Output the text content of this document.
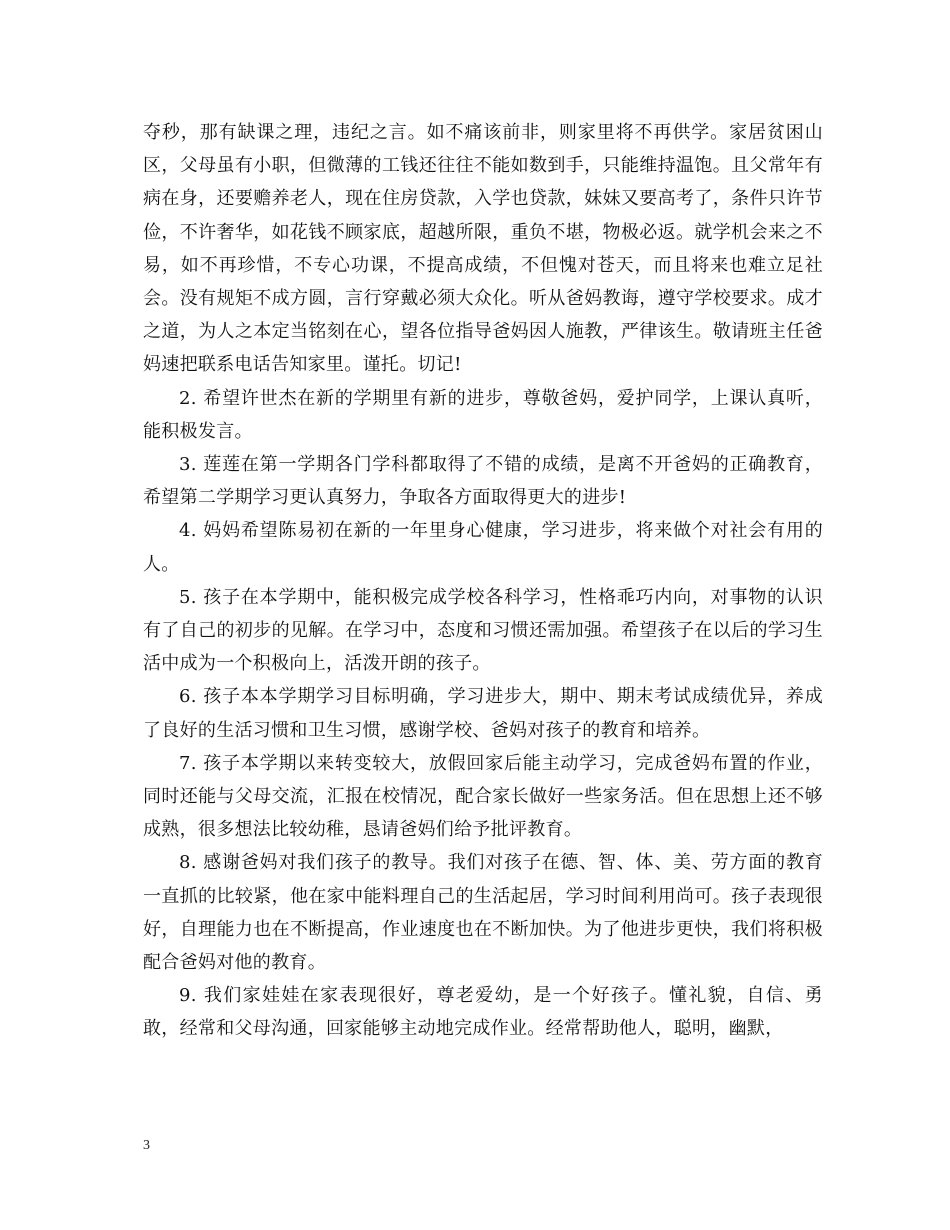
夺秒，那有缺课之理，违纪之言。如不痛该前非，则家里将不再供学。家居贫困山区，父母虽有小职，但微薄的工钱还往往不能如数到手，只能维持温饱。且父常年有病在身，还要赡养老人，现在住房贷款，入学也贷款，妹妹又要高考了，条件只许节俭，不许奢华，如花钱不顾家底，超越所限，重负不堪，物极必返。就学机会来之不易，如不再珍惜，不专心功课，不提高成绩，不但愧对苍天，而且将来也难立足社会。没有规矩不成方圆，言行穿戴必须大众化。听从爸妈教诲，遵守学校要求。成才之道，为人之本定当铭刻在心，望各位指导爸妈因人施教，严律该生。敬请班主任爸妈速把联系电话告知家里。谨托。切记!

2. 希望许世杰在新的学期里有新的进步，尊敬爸妈，爱护同学，上课认真听，能积极发言。

3. 莲莲在第一学期各门学科都取得了不错的成绩，是离不开爸妈的正确教育，希望第二学期学习更认真努力，争取各方面取得更大的进步!

4. 妈妈希望陈易初在新的一年里身心健康，学习进步，将来做个对社会有用的人。

5. 孩子在本学期中，能积极完成学校各科学习，性格乖巧内向，对事物的认识有了自己的初步的见解。在学习中，态度和习惯还需加强。希望孩子在以后的学习生活中成为一个积极向上，活泼开朗的孩子。

6. 孩子本本学期学习目标明确，学习进步大，期中、期末考试成绩优异，养成了良好的生活习惯和卫生习惯，感谢学校、爸妈对孩子的教育和培养。

7. 孩子本学期以来转变较大，放假回家后能主动学习，完成爸妈布置的作业，同时还能与父母交流，汇报在校情况，配合家长做好一些家务活。但在思想上还不够成熟，很多想法比较幼稚，恳请爸妈们给予批评教育。

8. 感谢爸妈对我们孩子的教导。我们对孩子在德、智、体、美、劳方面的教育一直抓的比较紧，他在家中能料理自己的生活起居，学习时间利用尚可。孩子表现很好，自理能力也在不断提高，作业速度也在不断加快。为了他进步更快，我们将积极配合爸妈对他的教育。

9. 我们家娃娃在家表现很好，尊老爱幼，是一个好孩子。懂礼貌，自信、勇敢，经常和父母沟通，回家能够主动地完成作业。经常帮助他人，聪明，幽默，

3
